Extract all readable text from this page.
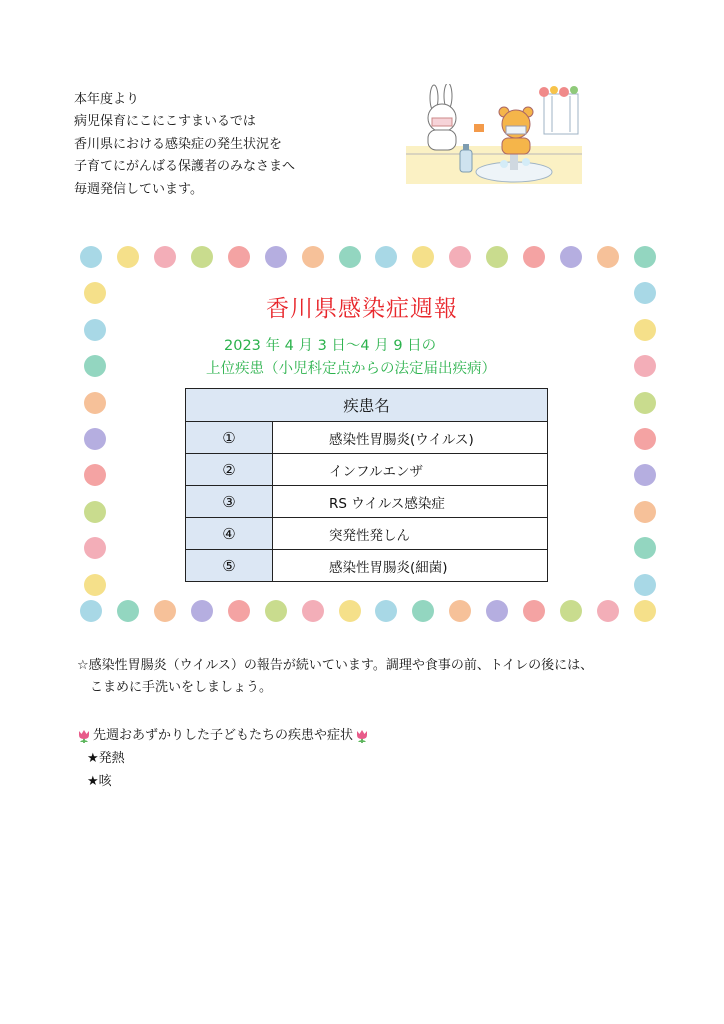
本年度より
病児保育にこにこすまいるでは
香川県における感染症の発生状況を
子育てにがんばる保護者のみなさまへ
毎週発信しています。
香川県感染症週報
2023 年 4 月 3 日〜4 月 9 日の
上位疾患（小児科定点からの法定届出疾病）
疾患名	
①	感染性胃腸炎(ウイルス)
②	インフルエンザ
③	RS ウイルス感染症
④	突発性発しん
⑤	感染性胃腸炎(細菌)
☆感染性胃腸炎（ウイルス）の報告が続いています。調理や食事の前、トイレの後には、
こまめに手洗いをしましょう。
先週おあずかりした子どもたちの疾患や症状
★発熱
★咳
